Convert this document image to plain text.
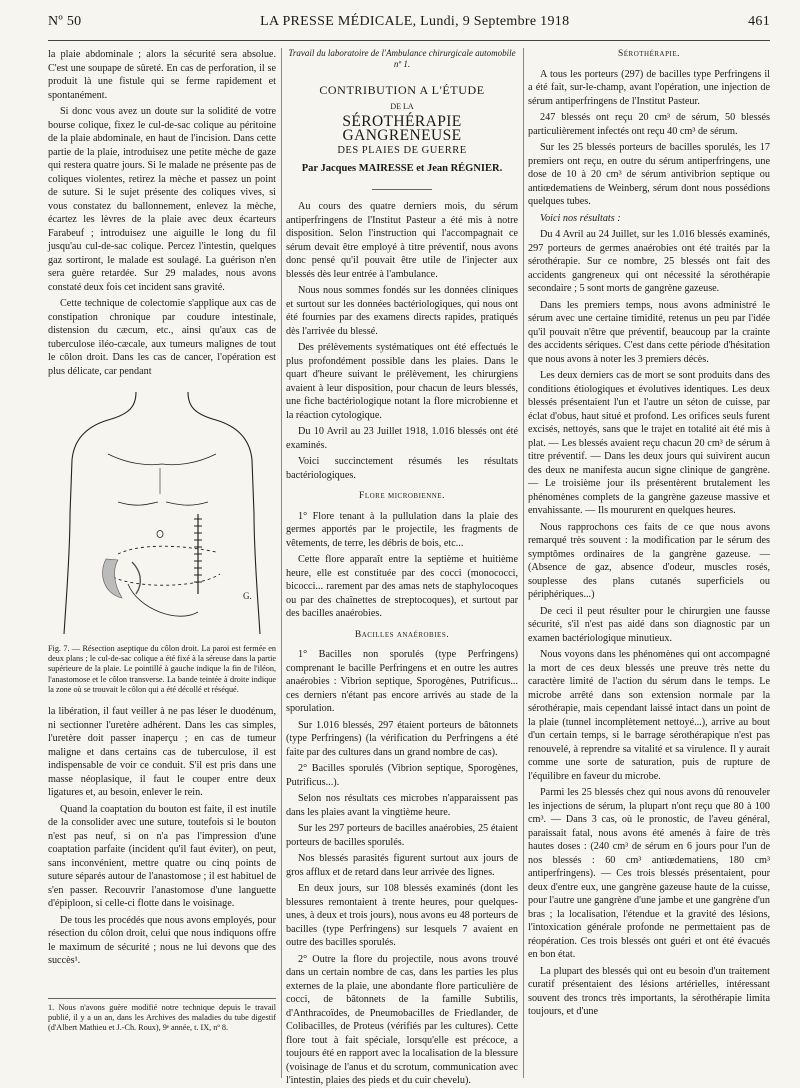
Nº 50	LA PRESSE MÉDICALE, Lundi, 9 Septembre 1918	461

la plaie abdominale ; alors la sécurité sera absolue. C'est une soupape de sûreté. En cas de perforation, il se produit là une fistule qui se ferme rapidement et spontanément.

Si donc vous avez un doute sur la solidité de votre bourse colique, fixez le cul-de-sac colique au péritoine de la plaie abdominale, en haut de l'incision. Dans cette partie de la plaie, introduisez une petite mèche de gaze qui restera quatre jours. Si le malade ne présente pas de coliques violentes, retirez la mèche et passez un point de suture. Si le sujet présente des coliques vives, si vous constatez du ballonnement, enlevez la mèche, écartez les lèvres de la plaie avec deux écarteurs Farabeuf ; introduisez une aiguille le long du fil jusqu'au cul-de-sac colique. Percez l'intestin, quelques gaz sortiront, le malade est soulagé. La guérison n'en sera guère retardée. Sur 29 malades, nous avons constaté deux fois cet incident sans gravité.

Cette technique de colectomie s'applique aux cas de constipation chronique par coudure intestinale, distension du cæcum, etc., ainsi qu'aux cas de tuberculose iléo-cæcale, aux tumeurs malignes de tout le côlon droit. Dans les cas de cancer, l'opération est plus délicate, car pendant

G.
Fig. 7. — Résection aseptique du côlon droit. La paroi est fermée en deux plans ; le cul-de-sac colique a été fixé à la séreuse dans la partie supérieure de la plaie. Le pointillé à gauche indique la fin de l'iléon, l'anastomose et le côlon transverse. La bande teintée à droite indique la zone où se trouvait le côlon qui a été décollé et réséqué.

la libération, il faut veiller à ne pas léser le duodénum, ni sectionner l'uretère adhérent. Dans les cas simples, l'uretère doit passer inaperçu ; en cas de tumeur maligne et dans certains cas de tuberculose, il est indispensable de voir ce conduit. S'il est pris dans une masse néoplasique, il faut le couper entre deux ligatures et, au besoin, enlever le rein.

Quand la coaptation du bouton est faite, il est inutile de la consolider avec une suture, toutefois si le bouton n'est pas neuf, si on n'a pas l'impression d'une coaptation parfaite (incident qu'il faut éviter), on peut, sans inconvénient, mettre quatre ou cinq points de suture séparés autour de l'anastomose ; il est habituel de s'en passer. Recouvrir l'anastomose d'une languette d'épiploon, si celle-ci flotte dans le voisinage.

De tous les procédés que nous avons employés, pour résection du côlon droit, celui que nous indiquons offre le maximum de sécurité ; nous ne lui devons que des succès¹.

1. Nous n'avons guère modifié notre technique depuis le travail publié, il y a un an, dans les Archives des maladies du tube digestif (d'Albert Mathieu et J.-Ch. Roux), 9ᵉ année, t. IX, nº 8.
Travail du laboratoire de l'Ambulance chirurgicale automobile nº 1.
CONTRIBUTION A L'ÉTUDE
DE LA
SÉROTHÉRAPIE GANGRENEUSE
DES PLAIES DE GUERRE
Par Jacques MAIRESSE et Jean RÉGNIER.

Au cours des quatre derniers mois, du sérum antiperfringens de l'Institut Pasteur a été mis à notre disposition. Selon l'instruction qui l'accompagnait ce sérum devait être employé à titre préventif, nous avons donc pensé qu'il pouvait être utile de l'injecter aux blessés dès leur entrée à l'ambulance.

Nous nous sommes fondés sur les données cliniques et surtout sur les données bactériologiques, qui nous ont été fournies par des examens directs rapides, pratiqués dès l'arrivée du blessé.

Des prélèvements systématiques ont été effectués le plus profondément possible dans les plaies. Dans le quart d'heure suivant le prélèvement, les chirurgiens avaient à leur disposition, pour chacun de leurs blessés, une fiche bactériologique notant la flore microbienne et la réaction cytologique.

Du 10 Avril au 23 Juillet 1918, 1.016 blessés ont été examinés.

Voici succinctement résumés les résultats bactériologiques.

Flore microbienne.

1° Flore tenant à la pullulation dans la plaie des germes apportés par le projectile, les fragments de vêtements, de terre, les débris de bois, etc...

Cette flore apparaît entre la septième et huitième heure, elle est constituée par des cocci (monococci, bicocci... rarement par des amas nets de staphylocoques ou par des chaînettes de streptocoques), et surtout par des bacilles anaérobies.

Bacilles anaérobies.

1° Bacilles non sporulés (type Perfringens) comprenant le bacille Perfringens et en outre les autres anaérobies : Vibrion septique, Sporogènes, Putrificus... ces derniers n'étant pas encore arrivés au stade de la sporulation.

Sur 1.016 blessés, 297 étaient porteurs de bâtonnets (type Perfringens) (la vérification du Perfringens a été faite par des cultures dans un grand nombre de cas).

2° Bacilles sporulés (Vibrion septique, Sporogènes, Putrificus...).

Selon nos résultats ces microbes n'apparaissent pas dans les plaies avant la vingtième heure.

Sur les 297 porteurs de bacilles anaérobies, 25 étaient porteurs de bacilles sporulés.

Nos blessés parasités figurent surtout aux jours de gros afflux et de retard dans leur arrivée des lignes.

En deux jours, sur 108 blessés examinés (dont les blessures remontaient à trente heures, pour quelques-unes, à deux et trois jours), nous avons eu 48 porteurs de bacilles (type Perfringens) sur lesquels 7 avaient en outre des bacilles sporulés.

2° Outre la flore du projectile, nous avons trouvé dans un certain nombre de cas, dans les parties les plus externes de la plaie, une abondante flore particulière de cocci, de bâtonnets de la famille Subtilis, d'Anthracoïdes, de Pneumobacilles de Friedlander, de Colibacilles, de Proteus (vérifiés par les cultures). Cette flore tout à fait spéciale, lorsqu'elle est précoce, a toujours été en rapport avec la localisation de la blessure (voisinage de l'anus et du scrotum, communication avec l'intestin, plaies des pieds et du cuir chevelu).

Sérothérapie.

A tous les porteurs (297) de bacilles type Perfringens il a été fait, sur-le-champ, avant l'opération, une injection de sérum antiperfringens de l'Institut Pasteur.

247 blessés ont reçu 20 cm³ de sérum, 50 blessés particulièrement infectés ont reçu 40 cm³ de sérum.

Sur les 25 blessés porteurs de bacilles sporulés, les 17 premiers ont reçu, en outre du sérum antiperfringens, une dose de 10 à 20 cm³ de sérum antivibrion septique ou antiœdematiens de Weinberg, sérum dont nous possédions quelques tubes.

Voici nos résultats :

Du 4 Avril au 24 Juillet, sur les 1.016 blessés examinés, 297 porteurs de germes anaérobies ont été traités par la sérothérapie. Sur ce nombre, 25 blessés ont fait des accidents gangreneux qui ont nécessité la sérothérapie secondaire ; 5 sont morts de gangrène gazeuse.

Dans les premiers temps, nous avons administré le sérum avec une certaine timidité, retenus un peu par l'idée qu'il pouvait n'être que préventif, beaucoup par la crainte des accidents sériques. C'est dans cette période d'hésitation que nous avons à noter les 3 premiers décès.

Les deux derniers cas de mort se sont produits dans des conditions étiologiques et évolutives identiques. Les deux blessés présentaient l'un et l'autre un séton de cuisse, par éclat d'obus, haut situé et profond. Les orifices seuls furent excisés, nettoyés, sans que le trajet en totalité ait été mis à plat. — Les blessés avaient reçu chacun 20 cm³ de sérum à titre préventif. — Dans les deux jours qui suivirent aucun des deux ne manifesta aucun signe clinique de gangrène. — Le troisième jour ils présentèrent brutalement les phénomènes complets de la gangrène gazeuse massive et envahissante. — Ils moururent en quelques heures.

Nous rapprochons ces faits de ce que nous avons remarqué très souvent : la modification par le sérum des symptômes ordinaires de la gangrène gazeuse. — (Absence de gaz, absence d'odeur, muscles rosés, souplesse des plans cutanés superficiels ou périphériques...)

De ceci il peut résulter pour le chirurgien une fausse sécurité, s'il n'est pas aidé dans son diagnostic par un examen bactériologique minutieux.

Nous voyons dans les phénomènes qui ont accompagné la mort de ces deux blessés une preuve très nette du caractère limité de l'action du sérum dans le temps. Le microbe arrêté dans son extension normale par la sérothérapie, mais cependant laissé intact dans un point de la plaie (tunnel incomplètement nettoyé...), arrive au bout d'un certain temps, si le barrage sérothérapique n'est pas renouvelé, à reprendre sa vitalité et sa virulence. Il y aurait comme une sorte de saturation, puis de rupture de l'équilibre en faveur du microbe.

Parmi les 25 blessés chez qui nous avons dû renouveler les injections de sérum, la plupart n'ont reçu que 80 à 100 cm³. — Dans 3 cas, où le pronostic, de l'aveu général, paraissait fatal, nous avons été amenés à faire de très hautes doses : (240 cm³ de sérum en 6 jours pour l'un de nos blessés : 60 cm³ antiœdematiens, 180 cm³ antiperfringens). — Ces trois blessés présentaient, pour deux d'entre eux, une gangrène gazeuse haute de la cuisse, pour l'autre une gangrène d'une jambe et une gangrène d'un bras ; la localisation, l'étendue et la gravité des lésions, l'intoxication générale profonde ne permettaient pas de réopération. Ces trois blessés ont guéri et ont été évacués en bon état.

La plupart des blessés qui ont eu besoin d'un traitement curatif présentaient des lésions artérielles, intéressant souvent des troncs très importants, la sérothérapie limita toujours, et d'une
